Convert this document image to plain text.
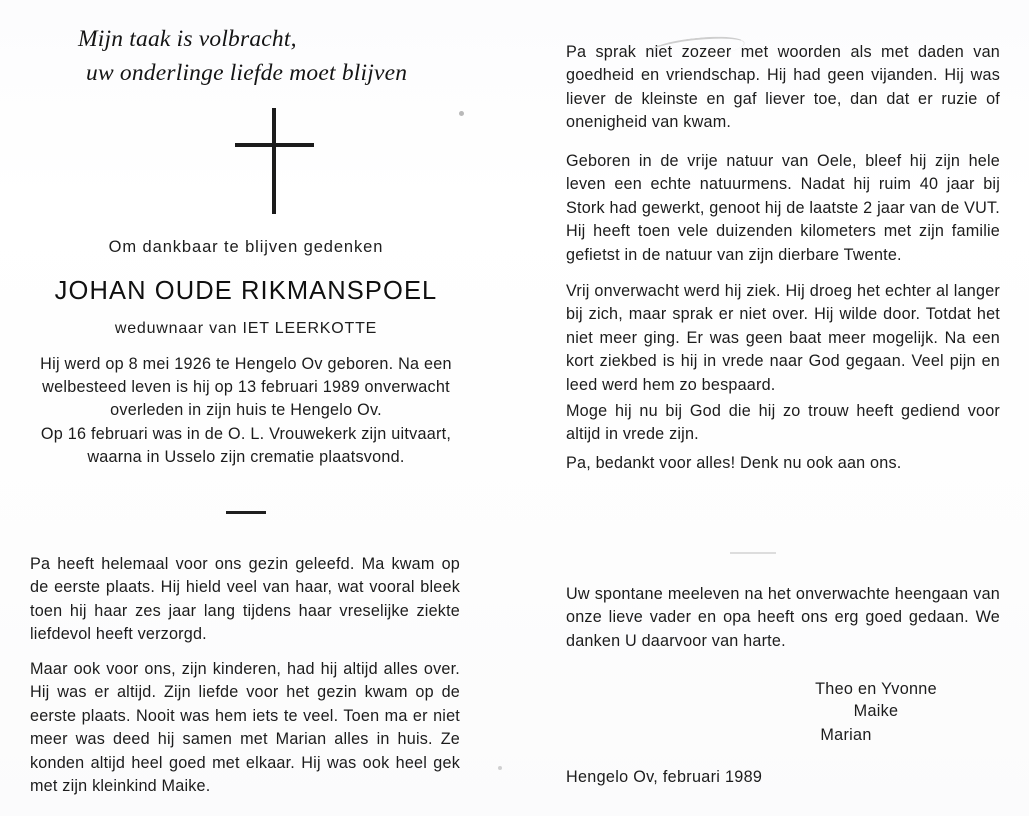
Mijn taak is volbracht,
uw onderlinge liefde moet blijven
Om dankbaar te blijven gedenken
JOHAN OUDE RIKMANSPOEL
weduwnaar van IET LEERKOTTE

Hij werd op 8 mei 1926 te Hengelo Ov geboren. Na een welbesteed leven is hij op 13 februari 1989 onverwacht overleden in zijn huis te Hengelo Ov.

Op 16 februari was in de O. L. Vrouwekerk zijn uitvaart, waarna in Usselo zijn crematie plaatsvond.

Pa heeft helemaal voor ons gezin geleefd. Ma kwam op de eerste plaats. Hij hield veel van haar, wat vooral bleek toen hij haar zes jaar lang tijdens haar vreselijke ziekte liefdevol heeft verzorgd.

Maar ook voor ons, zijn kinderen, had hij altijd alles over. Hij was er altijd. Zijn liefde voor het gezin kwam op de eerste plaats. Nooit was hem iets te veel. Toen ma er niet meer was deed hij samen met Marian alles in huis. Ze konden altijd heel goed met elkaar. Hij was ook heel gek met zijn kleinkind Maike.

Pa sprak niet zozeer met woorden als met daden van goedheid en vriendschap. Hij had geen vijanden. Hij was liever de kleinste en gaf liever toe, dan dat er ruzie of onenigheid van kwam.

Geboren in de vrije natuur van Oele, bleef hij zijn hele leven een echte natuurmens. Nadat hij ruim 40 jaar bij Stork had gewerkt, genoot hij de laatste 2 jaar van de VUT. Hij heeft toen vele duizenden kilometers met zijn familie gefietst in de natuur van zijn dierbare Twente.

Vrij onverwacht werd hij ziek. Hij droeg het echter al langer bij zich, maar sprak er niet over. Hij wilde door. Totdat het niet meer ging. Er was geen baat meer mogelijk. Na een kort ziekbed is hij in vrede naar God gegaan. Veel pijn en leed werd hem zo bespaard.

Moge hij nu bij God die hij zo trouw heeft gediend voor altijd in vrede zijn.

Pa, bedankt voor alles! Denk nu ook aan ons.

Uw spontane meeleven na het onverwachte heengaan van onze lieve vader en opa heeft ons erg goed gedaan. We danken U daarvoor van harte.

Theo en Yvonne
Maike
Marian
Hengelo Ov, februari 1989
